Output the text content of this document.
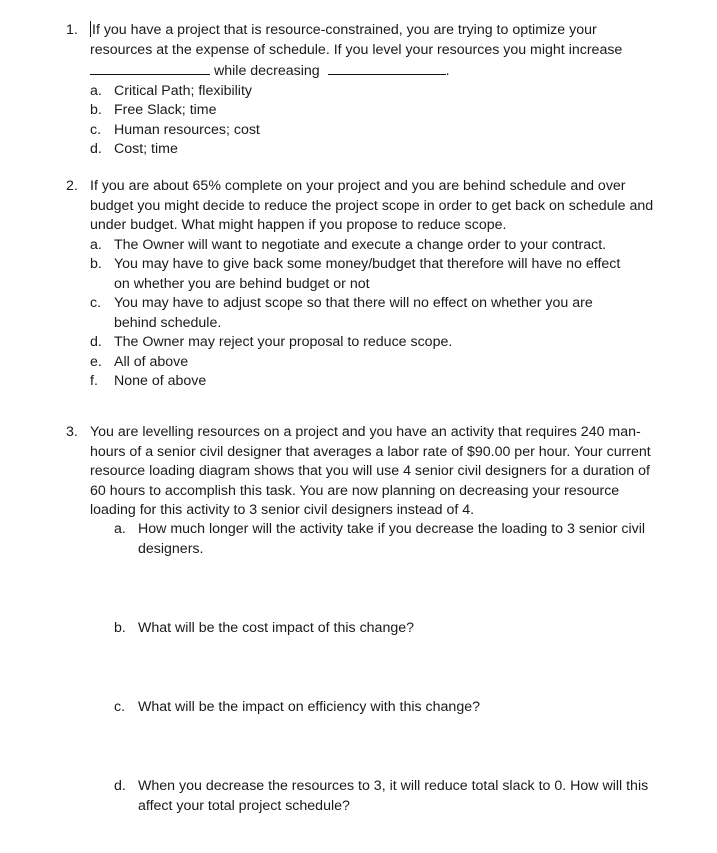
1. If you have a project that is resource-constrained, you are trying to optimize your resources at the expense of schedule. If you level your resources you might increase
while decreasing	.
a. Critical Path; flexibility
b. Free Slack; time
c. Human resources; cost
d. Cost; time
2. If you are about 65% complete on your project and you are behind schedule and over budget you might decide to reduce the project scope in order to get back on schedule and under budget. What might happen if you propose to reduce scope.
a. The Owner will want to negotiate and execute a change order to your contract.
b. You may have to give back some money/budget that therefore will have no effect on whether you are behind budget or not
c. You may have to adjust scope so that there will no effect on whether you are behind schedule.
d. The Owner may reject your proposal to reduce scope.
e. All of above
f.	None of above
3. You are levelling resources on a project and you have an activity that requires 240 man-hours of a senior civil designer that averages a labor rate of $90.00 per hour. Your current resource loading diagram shows that you will use 4 senior civil designers for a duration of 60 hours to accomplish this task. You are now planning on decreasing your resource loading for this activity to 3 senior civil designers instead of 4.
a. How much longer will the activity take if you decrease the loading to 3 senior civil designers.
b. What will be the cost impact of this change?
c. What will be the impact on efficiency with this change?
d. When you decrease the resources to 3, it will reduce total slack to 0. How will this affect your total project schedule?
